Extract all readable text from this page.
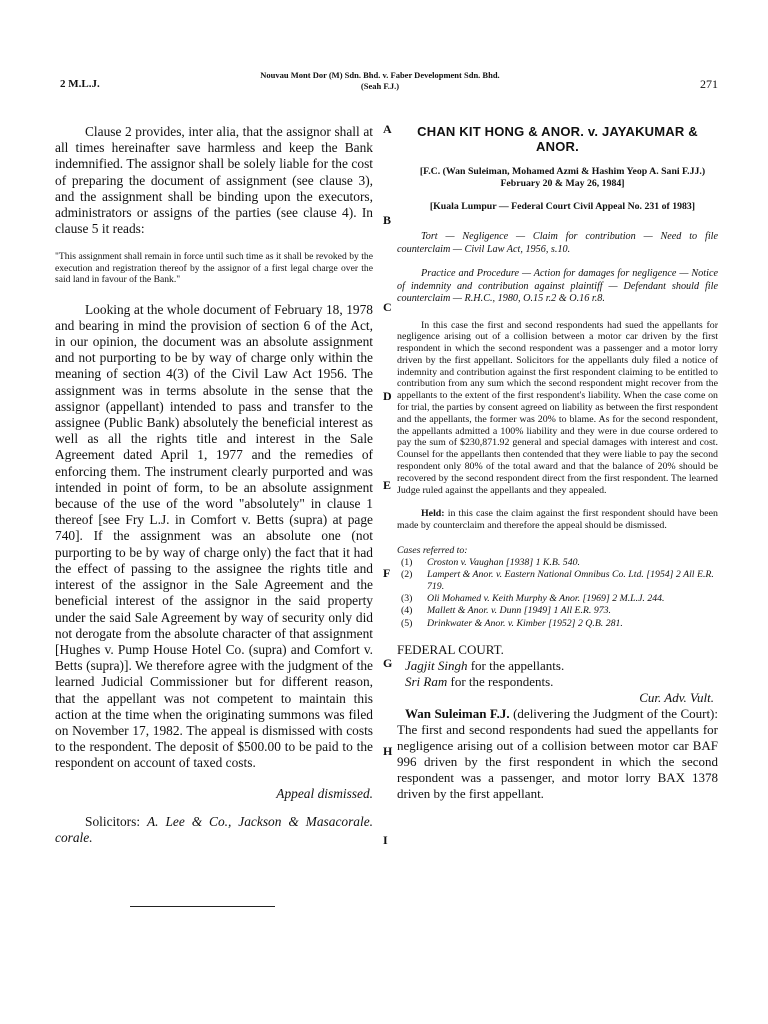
2 M.L.J.
Nouvau Mont Dor (M) Sdn. Bhd. v. Faber Development Sdn. Bhd.
(Seah F.J.)	271

Clause 2 provides, inter alia, that the assignor shall at all times hereinafter save harmless and keep the Bank indemnified. The assignor shall be solely liable for the cost of preparing the document of assignment (see clause 3), and the assignment shall be binding upon the executors, administrators or assigns of the parties (see clause 4). In clause 5 it reads:

"This assignment shall remain in force until such time as it shall be revoked by the execution and registration thereof by the assignor of a first legal charge over the said land in favour of the Bank."

Looking at the whole document of February 18, 1978 and bearing in mind the provision of section 6 of the Act, in our opinion, the document was an absolute assignment and not purporting to be by way of charge only within the meaning of section 4(3) of the Civil Law Act 1956. The assignment was in terms absolute in the sense that the assignor (appellant) intended to pass and transfer to the assignee (Public Bank) absolutely the beneficial interest as well as all the rights title and interest in the Sale Agreement dated April 1, 1977 and the remedies of enforcing them. The instrument clearly purported and was intended in point of form, to be an absolute assignment because of the use of the word "absolutely" in clause 1 thereof [see Fry L.J. in Comfort v. Betts (supra) at page 740]. If the assignment was an absolute one (not purporting to be by way of charge only) the fact that it had the effect of passing to the assignee the rights title and interest of the assignor in the Sale Agreement and the beneficial interest of the assignor in the said property under the said Sale Agreement by way of security only did not derogate from the absolute character of that assignment [Hughes v. Pump House Hotel Co. (supra) and Comfort v. Betts (supra)]. We therefore agree with the judgment of the learned Judicial Commissioner but for different reason, that the appellant was not competent to maintain this action at the time when the originating summons was filed on November 17, 1982. The appeal is dismissed with costs to the respondent. The deposit of $500.00 to be paid to the respondent on account of taxed costs.

Appeal dismissed.

Solicitors: A. Lee & Co., Jackson & Masacorale. corale.

A
B
C
D
E
F
G
H
I
CHAN KIT HONG & ANOR. v. JAYAKUMAR & ANOR.
[F.C. (Wan Suleiman, Mohamed Azmi & Hashim Yeop A. Sani F.JJ.) February 20 & May 26, 1984]
[Kuala Lumpur — Federal Court Civil Appeal No. 231 of 1983]

Tort — Negligence — Claim for contribution — Need to file counterclaim — Civil Law Act, 1956, s.10.

Practice and Procedure — Action for damages for negligence — Notice of indemnity and contribution against plaintiff — Defendant should file counterclaim — R.H.C., 1980, O.15 r.2 & O.16 r.8.

In this case the first and second respondents had sued the appellants for negligence arising out of a collision between a motor car driven by the first respondent in which the second respondent was a passenger and a motor lorry driven by the first appellant. Solicitors for the appellants duly filed a notice of indemnity and contribution against the first respondent claiming to be entitled to contribution from any sum which the second respondent might recover from the appellants to the extent of the first respondent's liability. When the case come on for trial, the parties by consent agreed on liability as between the first respondent and the appellants, the former was 20% to blame. As for the second respondent, the appellants admitted a 100% liability and they were in due course ordered to pay the sum of $230,871.92 general and special damages with interest and cost. Counsel for the appellants then contended that they were liable to pay the second respondent only 80% of the total award and that the balance of 20% should be recovered by the second respondent direct from the first respondent. The learned Judge ruled against the appellants and they appealed.

Held: in this case the claim against the first respondent should have been made by counterclaim and therefore the appeal should be dismissed.

Cases referred to:
(1) Croston v. Vaughan [1938] 1 K.B. 540.
(2) Lampert & Anor. v. Eastern National Omnibus Co. Ltd. [1954] 2 All E.R. 719.
(3) Oli Mohamed v. Keith Murphy & Anor. [1969] 2 M.L.J. 244.
(4) Mallett & Anor. v. Dunn [1949] 1 All E.R. 973.
(5) Drinkwater & Anor. v. Kimber [1952] 2 Q.B. 281.
FEDERAL COURT.
Jagjit Singh for the appellants.
Sri Ram for the respondents.
Cur. Adv. Vult.

Wan Suleiman F.J. (delivering the Judgment of the Court): The first and second respondents had sued the appellants for negligence arising out of a collision between motor car BAF 996 driven by the first respondent in which the second respondent was a passenger, and motor lorry BAX 1378 driven by the first appellant.
